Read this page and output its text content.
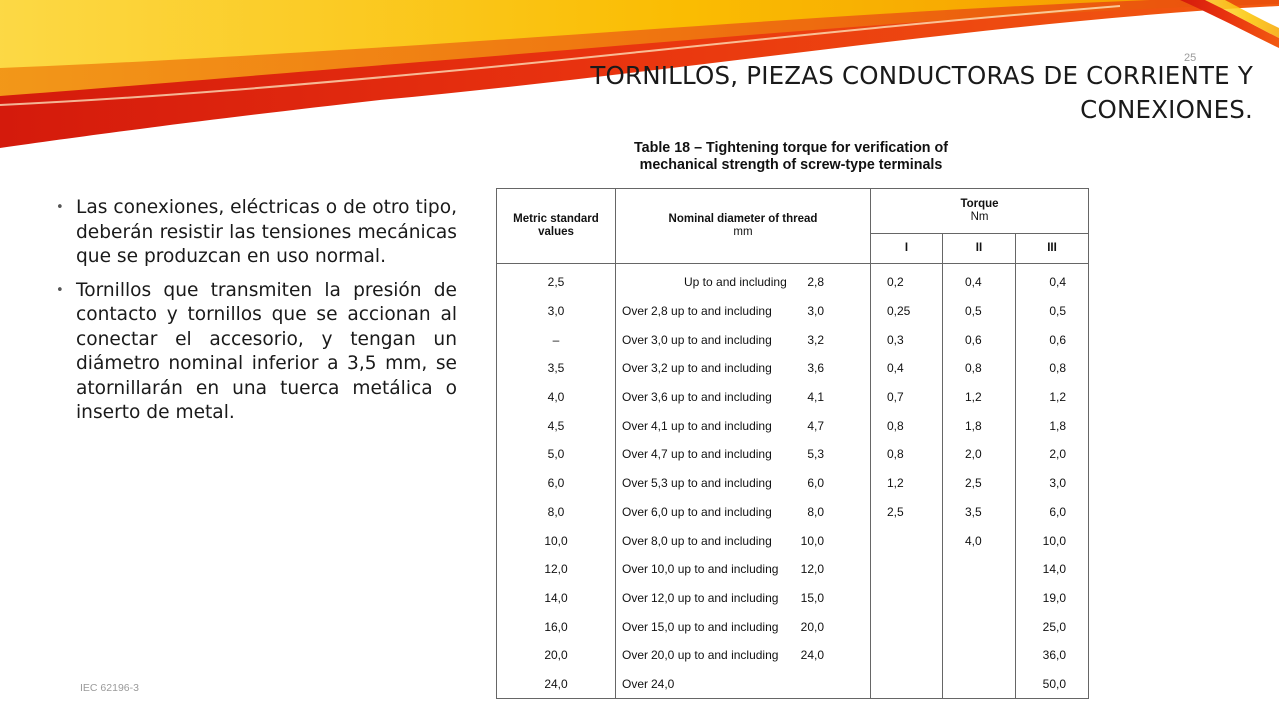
25
TORNILLOS, PIEZAS CONDUCTORAS DE CORRIENTE Y
CONEXIONES.
• Las conexiones, eléctricas o de otro tipo, deberán resistir las tensiones mecánicas que se produzcan en uso normal.
• Tornillos que transmiten la presión de contacto y tornillos que se accionan al conectar el accesorio, y tengan un diámetro nominal inferior a 3,5 mm, se atornillarán en una tuerca metálica o inserto de metal.
IEC 62196-3
Table 18 – Tightening torque for verification of
mechanical strength of screw-type terminals
Metric standard
values	Nominal diameter of thread
mm	Torque
Nm		

		I	II	III
2,5	Up to and including 2,8	0,2	0,4	0,4
3,0	Over 2,8 up to and including 3,0	0,25	0,5	0,5
–	Over 3,0 up to and including 3,2	0,3	0,6	0,6
3,5	Over 3,2 up to and including 3,6	0,4	0,8	0,8
4,0	Over 3,6 up to and including 4,1	0,7	1,2	1,2
4,5	Over 4,1 up to and including 4,7	0,8	1,8	1,8
5,0	Over 4,7 up to and including 5,3	0,8	2,0	2,0
6,0	Over 5,3 up to and including 6,0	1,2	2,5	3,0
8,0	Over 6,0 up to and including 8,0	2,5	3,5	6,0
10,0	Over 8,0 up to and including 10,0		4,0	10,0
12,0	Over 10,0 up to and including 12,0			14,0
14,0	Over 12,0 up to and including 15,0			19,0
16,0	Over 15,0 up to and including 20,0			25,0
20,0	Over 20,0 up to and including 24,0			36,0
24,0	Over 24,0			50,0
